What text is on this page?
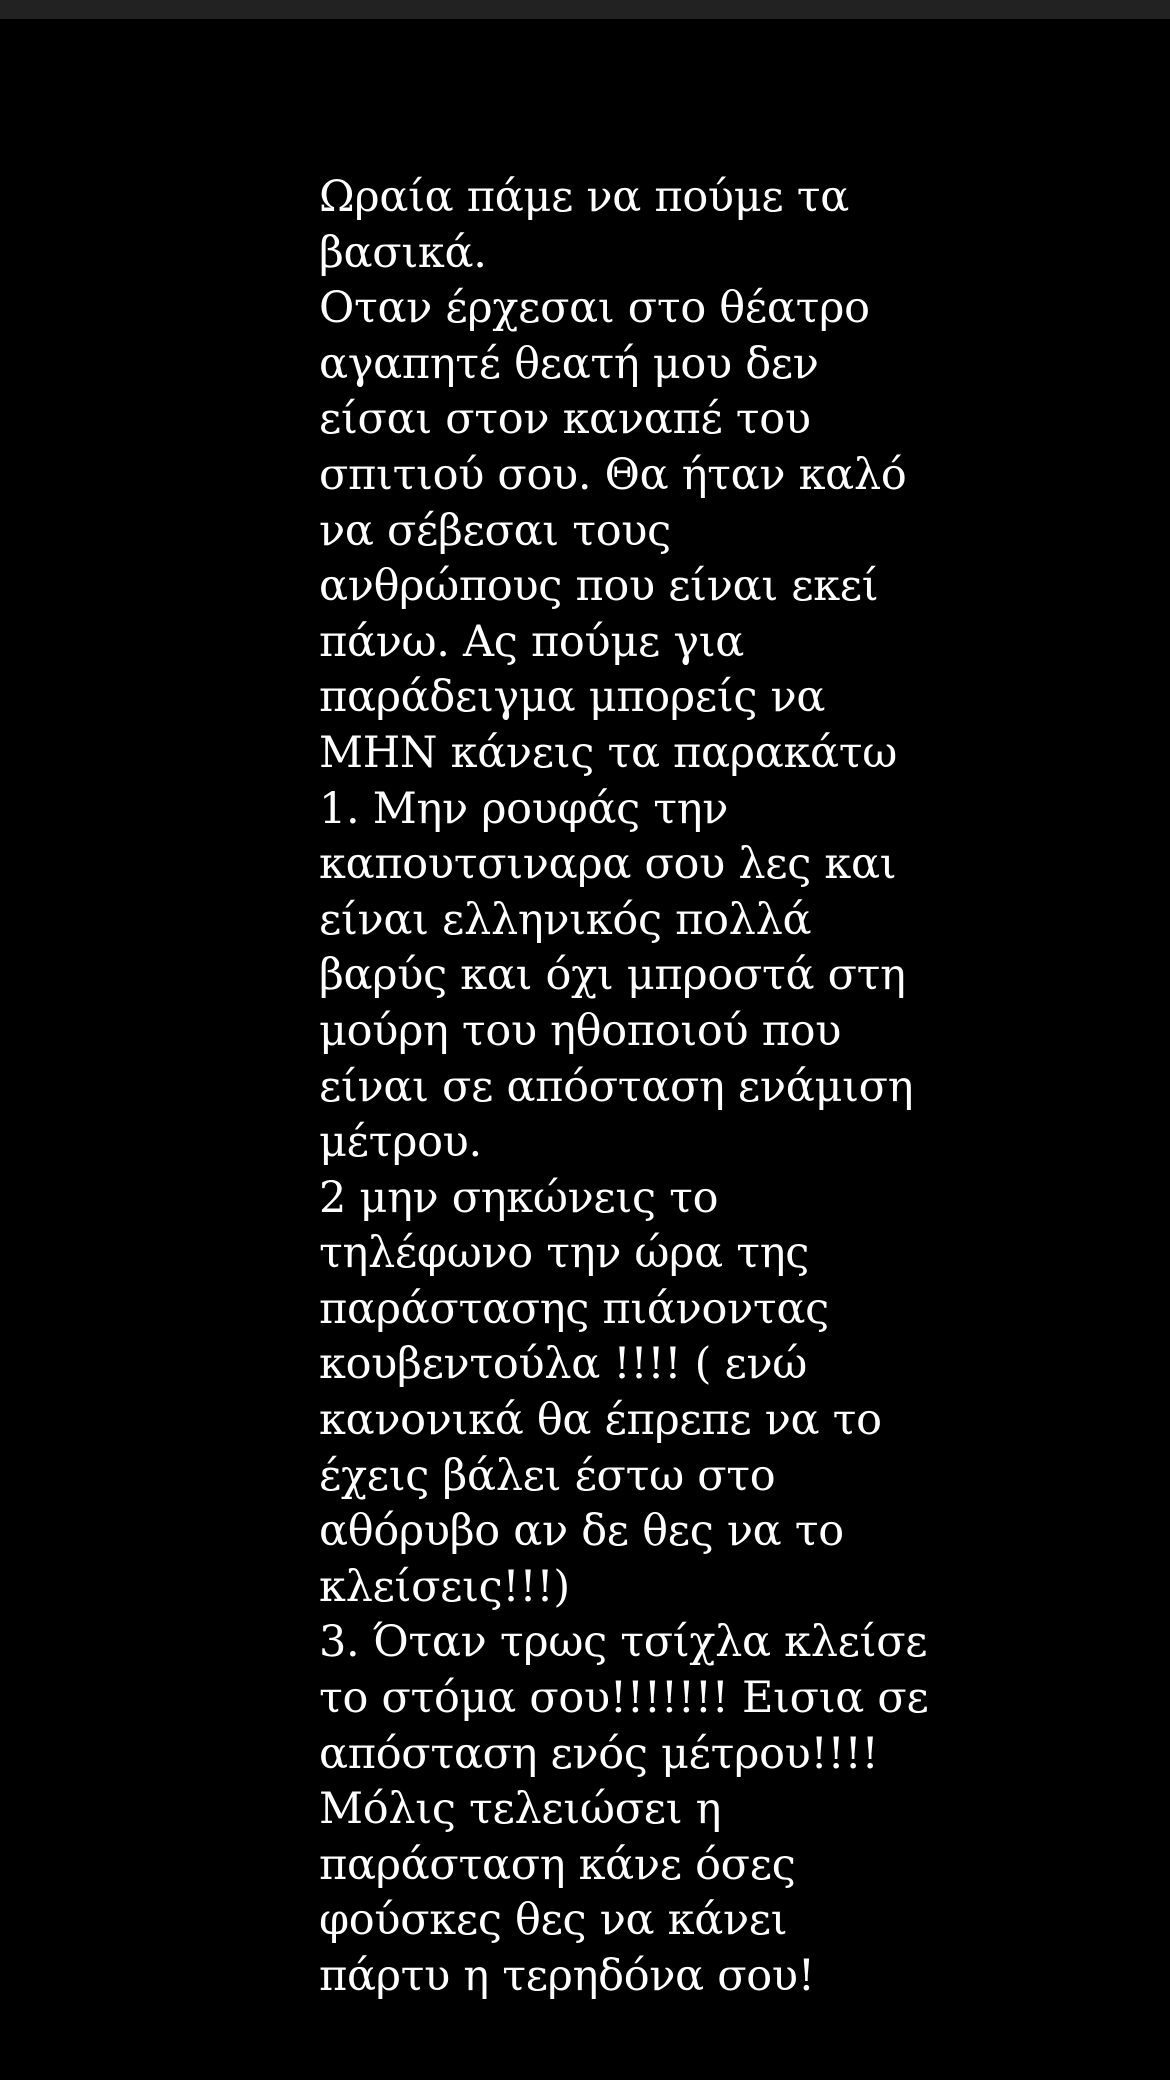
Ωραία πάμε να πούμε τα
βασικά.
Οταν έρχεσαι στο θέατρο
αγαπητέ θεατή μου δεν
είσαι στον καναπέ του
σπιτιού σου. Θα ήταν καλό
να σέβεσαι τους
ανθρώπους που είναι εκεί
πάνω. Ας πούμε για
παράδειγμα μπορείς να
ΜΗΝ κάνεις τα παρακάτω
1. Μην ρουφάς την
καπουτσιναρα σου λες και
είναι ελληνικός πολλά
βαρύς και όχι μπροστά στη
μούρη του ηθοποιού που
είναι σε απόσταση ενάμιση
μέτρου.
2 μην σηκώνεις το
τηλέφωνο την ώρα της
παράστασης πιάνοντας
κουβεντούλα !!!! ( ενώ
κανονικά θα έπρεπε να το
έχεις βάλει έστω στο
αθόρυβο αν δε θες να το
κλείσεις!!!)
3. Όταν τρως τσίχλα κλείσε
το στόμα σου!!!!!!! Εισια σε
απόσταση ενός μέτρου!!!!
Μόλις τελειώσει η
παράσταση κάνε όσες
φούσκες θες να κάνει
πάρτυ η τερηδόνα σου!
